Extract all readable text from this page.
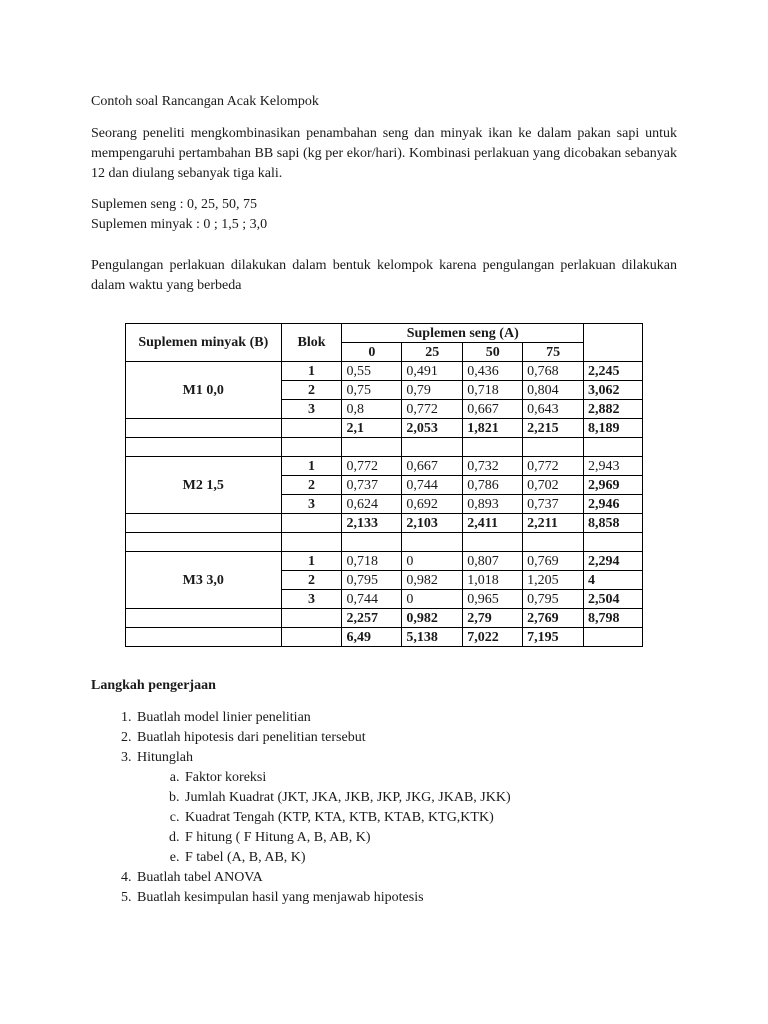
Contoh soal Rancangan Acak Kelompok

Seorang peneliti mengkombinasikan penambahan seng dan minyak ikan ke dalam pakan sapi untuk mempengaruhi pertambahan BB sapi (kg per ekor/hari). Kombinasi perlakuan yang dicobakan sebanyak 12 dan diulang sebanyak tiga kali.

Suplemen seng : 0, 25, 50, 75

Suplemen minyak : 0 ; 1,5 ; 3,0

Pengulangan perlakuan dilakukan dalam bentuk kelompok karena pengulangan perlakuan dilakukan dalam waktu yang berbeda

Suplemen minyak (B)	Blok	Suplemen seng (A)				
		0	25	50	75	
M1 0,0	1	0,55	0,491	0,436	0,768	2,245
	2	0,75	0,79	0,718	0,804	3,062
	3	0,8	0,772	0,667	0,643	2,882
		2,1	2,053	1,821	2,215	8,189

M2 1,5	1	0,772	0,667	0,732	0,772	2,943
	2	0,737	0,744	0,786	0,702	2,969
	3	0,624	0,692	0,893	0,737	2,946
		2,133	2,103	2,411	2,211	8,858

M3 3,0	1	0,718	0	0,807	0,769	2,294
	2	0,795	0,982	1,018	1,205	4
	3	0,744	0	0,965	0,795	2,504
		2,257	0,982	2,79	2,769	8,798
		6,49	5,138	7,022	7,195	

Langkah pengerjaan

1. Buatlah model linier penelitian
2. Buatlah hipotesis dari penelitian tersebut
3. Hitunglah
a. Faktor koreksi
b. Jumlah Kuadrat (JKT, JKA, JKB, JKP, JKG, JKAB, JKK)
c. Kuadrat Tengah (KTP, KTA, KTB, KTAB, KTG,KTK)
d. F hitung ( F Hitung A, B, AB, K)
e. F tabel (A, B, AB, K)
4. Buatlah tabel ANOVA
5. Buatlah kesimpulan hasil yang menjawab hipotesis
